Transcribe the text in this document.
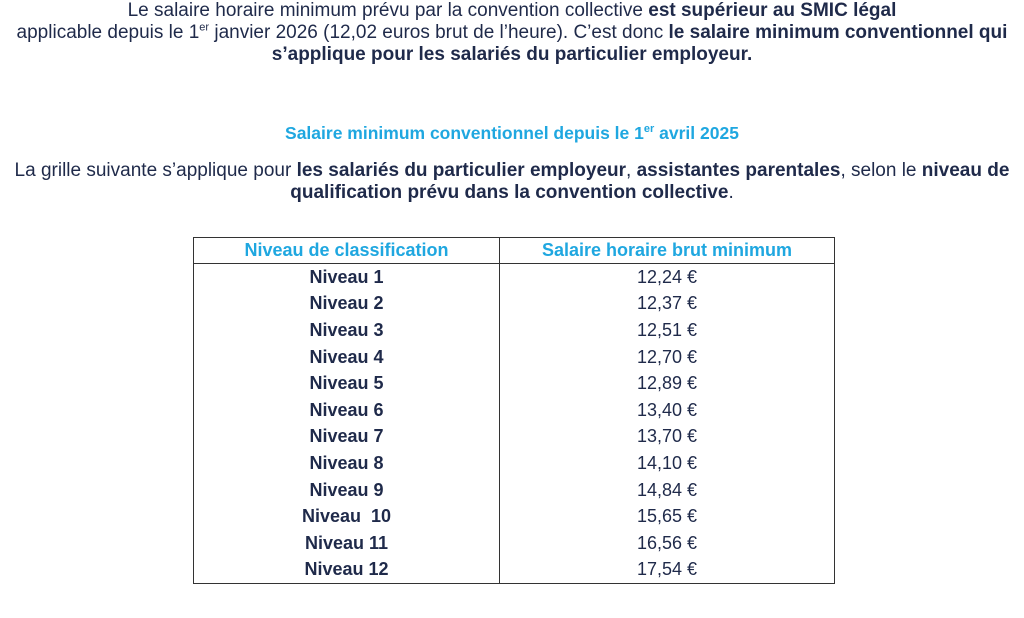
Le salaire horaire minimum prévu par la convention collective est supérieur au SMIC légal
applicable depuis le 1er janvier 2026 (12,02 euros brut de l’heure). C’est donc le salaire minimum conventionnel qui s’applique pour les salariés du particulier employeur.

Salaire minimum conventionnel depuis le 1er avril 2025

La grille suivante s’applique pour les salariés du particulier employeur, assistantes parentales, selon le niveau de qualification prévu dans la convention collective.

Niveau de classification	Salaire horaire brut minimum
Niveau 1	12,24 €
Niveau 2	12,37 €
Niveau 3	12,51 €
Niveau 4	12,70 €
Niveau 5	12,89 €
Niveau 6	13,40 €
Niveau 7	13,70 €
Niveau 8	14,10 €
Niveau 9	14,84 €
Niveau  10	15,65 €
Niveau 11	16,56 €
Niveau 12	17,54 €
